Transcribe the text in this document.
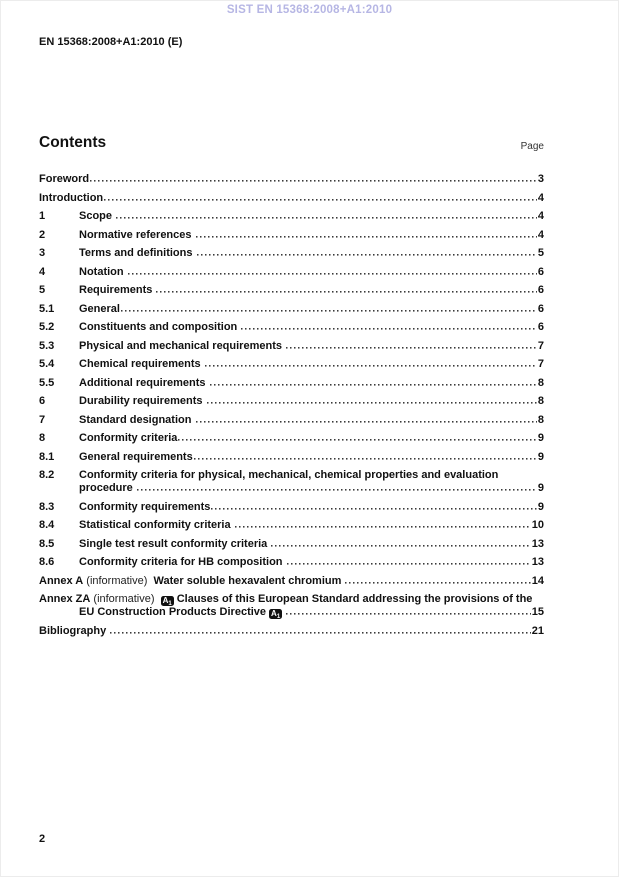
SIST EN 15368:2008+A1:2010
EN 15368:2008+A1:2010 (E)
Contents	Page
Foreword	3
Introduction	4
1	Scope	4
2	Normative references	4
3	Terms and definitions	5
4	Notation	6
5	Requirements	6
5.1	General	6
5.2	Constituents and composition	6
5.3	Physical and mechanical requirements	7
5.4	Chemical requirements	7
5.5	Additional requirements	8
6	Durability requirements	8
7	Standard designation	8
8	Conformity criteria	9
8.1	General requirements	9
8.2	Conformity criteria for physical, mechanical, chemical properties and evaluation
procedure	9
8.3	Conformity requirements	9
8.4	Statistical conformity criteria	10
8.5	Single test result conformity criteria	13
8.6	Conformity criteria for HB composition	13
Annex A (informative)  Water soluble hexavalent chromium	14
Annex ZA (informative)  $A_1$ Clauses of this European Standard addressing the provisions of the
EU Construction Products Directive $A_1$	15
Bibliography	21
2
